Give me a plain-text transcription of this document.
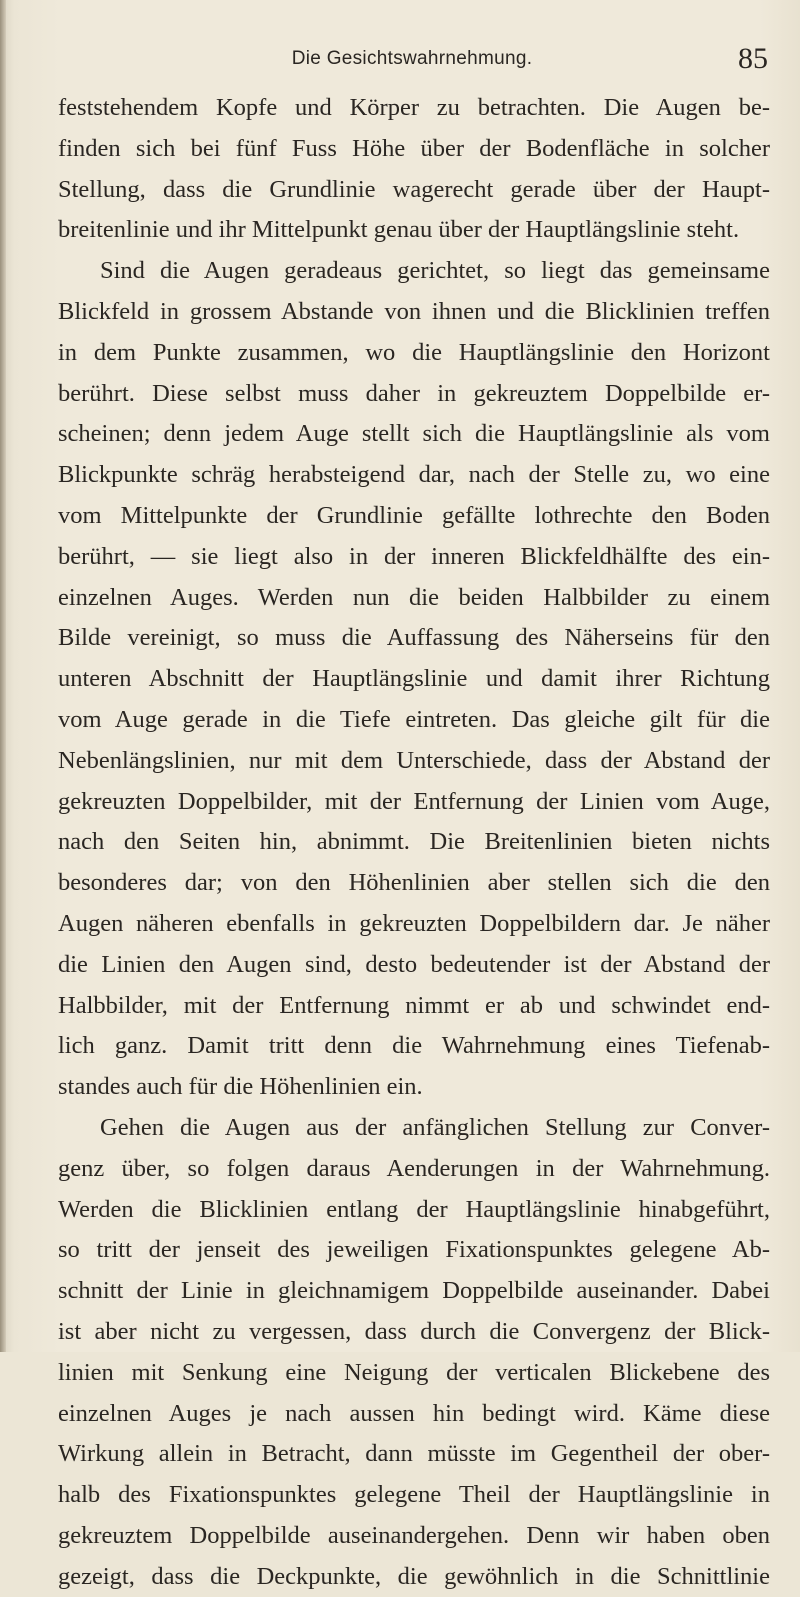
Die Gesichtswahrnehmung.	85
feststehendem Kopfe und Körper zu betrachten. Die Augen be-
finden sich bei fünf Fuss Höhe über der Bodenfläche in solcher
Stellung, dass die Grundlinie wagerecht gerade über der Haupt-
breitenlinie und ihr Mittelpunkt genau über der Hauptlängslinie steht.
Sind die Augen geradeaus gerichtet, so liegt das gemeinsame
Blickfeld in grossem Abstande von ihnen und die Blicklinien treffen
in dem Punkte zusammen, wo die Hauptlängslinie den Horizont
berührt. Diese selbst muss daher in gekreuztem Doppelbilde er-
scheinen; denn jedem Auge stellt sich die Hauptlängslinie als vom
Blickpunkte schräg herabsteigend dar, nach der Stelle zu, wo eine
vom Mittelpunkte der Grundlinie gefällte lothrechte den Boden
berührt, — sie liegt also in der inneren Blickfeldhälfte des ein-
einzelnen Auges. Werden nun die beiden Halbbilder zu einem
Bilde vereinigt, so muss die Auffassung des Näherseins für den
unteren Abschnitt der Hauptlängslinie und damit ihrer Richtung
vom Auge gerade in die Tiefe eintreten. Das gleiche gilt für die
Nebenlängslinien, nur mit dem Unterschiede, dass der Abstand der
gekreuzten Doppelbilder, mit der Entfernung der Linien vom Auge,
nach den Seiten hin, abnimmt. Die Breitenlinien bieten nichts
besonderes dar; von den Höhenlinien aber stellen sich die den
Augen näheren ebenfalls in gekreuzten Doppelbildern dar. Je näher
die Linien den Augen sind, desto bedeutender ist der Abstand der
Halbbilder, mit der Entfernung nimmt er ab und schwindet end-
lich ganz. Damit tritt denn die Wahrnehmung eines Tiefenab-
standes auch für die Höhenlinien ein.
Gehen die Augen aus der anfänglichen Stellung zur Conver-
genz über, so folgen daraus Aenderungen in der Wahrnehmung.
Werden die Blicklinien entlang der Hauptlängslinie hinabgeführt,
so tritt der jenseit des jeweiligen Fixationspunktes gelegene Ab-
schnitt der Linie in gleichnamigem Doppelbilde auseinander. Dabei
ist aber nicht zu vergessen, dass durch die Convergenz der Blick-
linien mit Senkung eine Neigung der verticalen Blickebene des
einzelnen Auges je nach aussen hin bedingt wird. Käme diese
Wirkung allein in Betracht, dann müsste im Gegentheil der ober-
halb des Fixationspunktes gelegene Theil der Hauptlängslinie in
gekreuztem Doppelbilde auseinandergehen. Denn wir haben oben
gezeigt, dass die Deckpunkte, die gewöhnlich in die Schnittlinie
